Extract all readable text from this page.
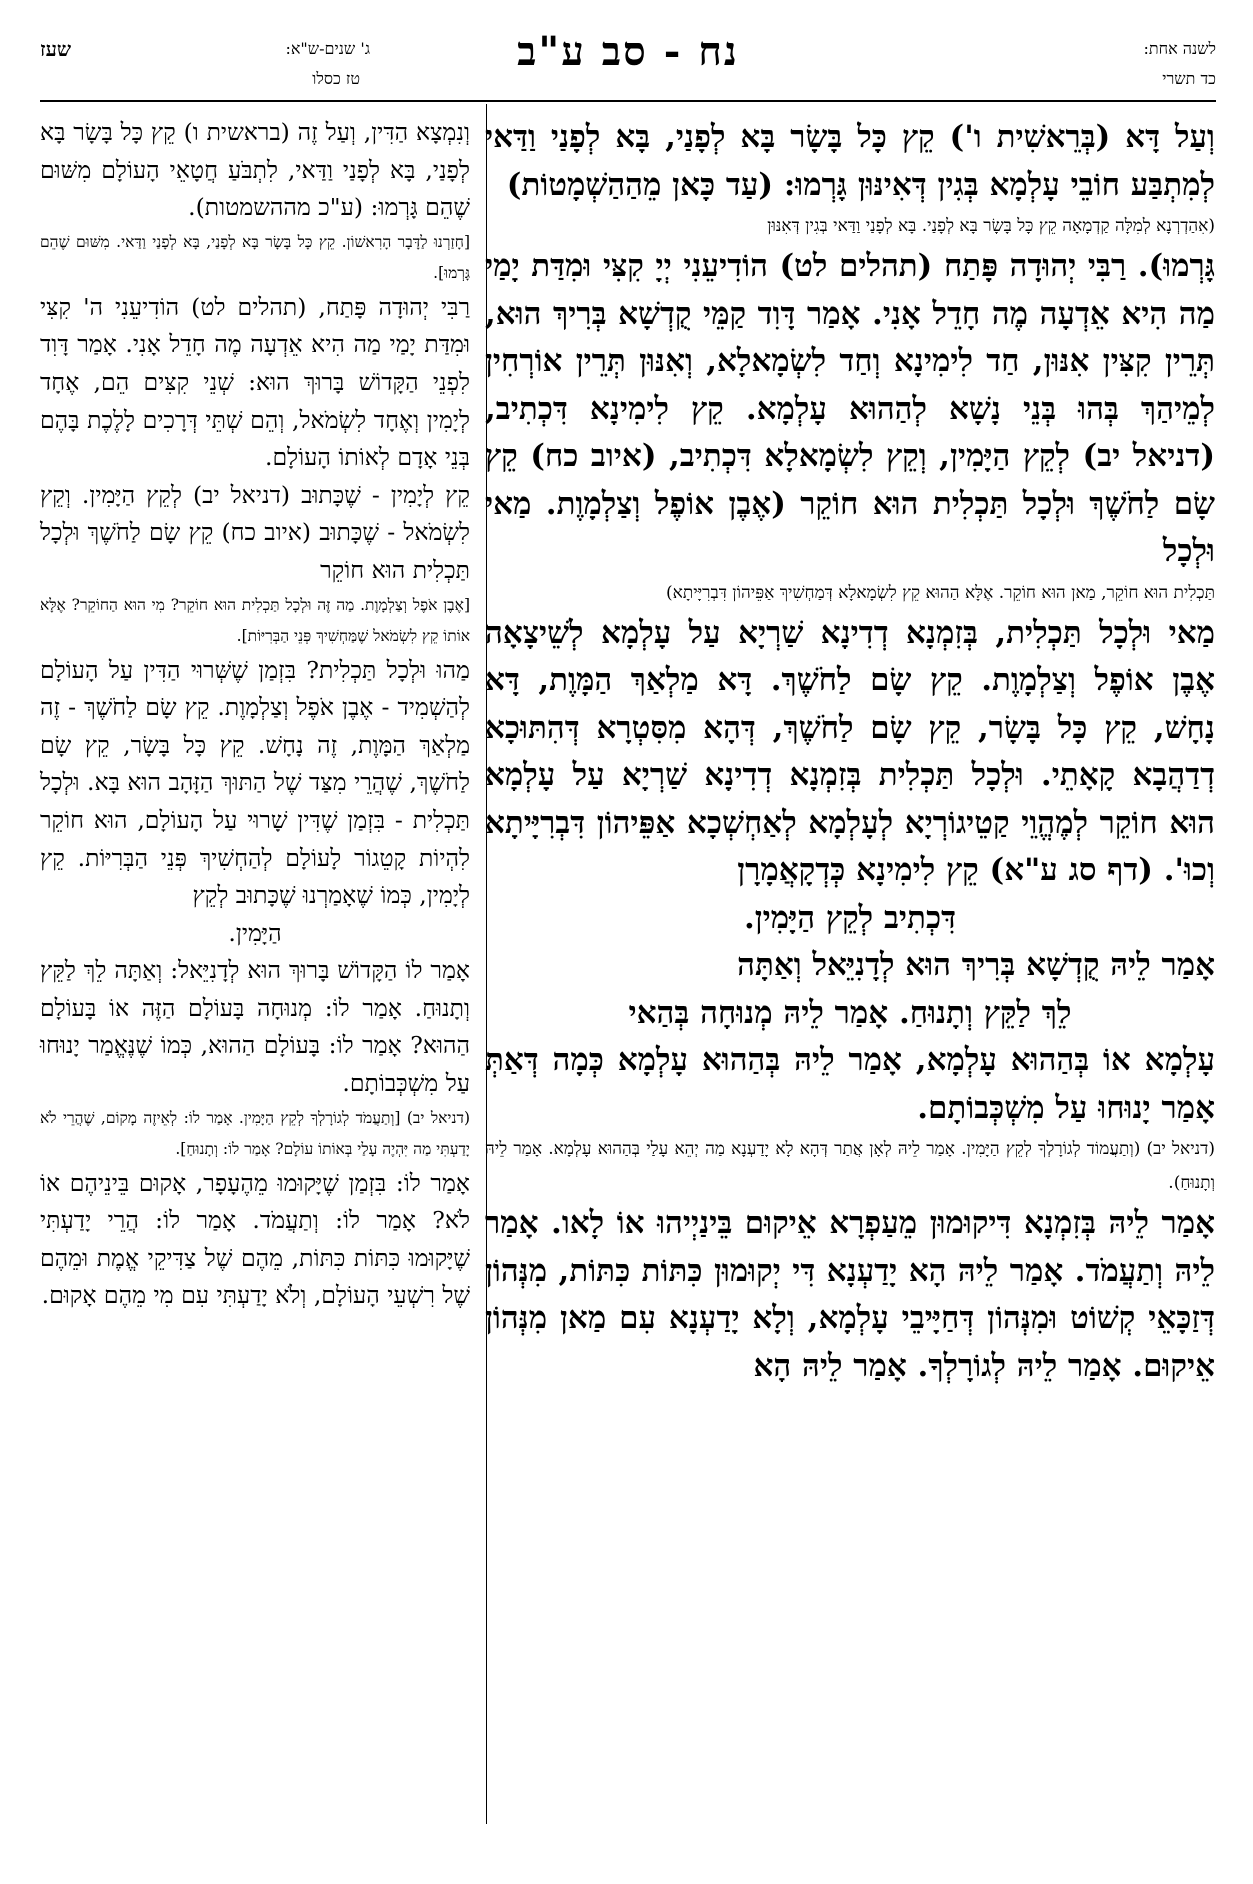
לשנה אחת:
כד תשרי
נח - סב ע"ב
ג' שנים-ש"א:
שעז
טז כסלו

וְעַל דָּא (בְּרֵאשִׁית ו') קֵץ כָּל בָּשָׂר בָּא לְפָנַי, בָּא לְפָנַי וַדַּאי לְמִתְבַּע חוֹבֵי עָלְמָא בְּגִין דְּאִינּוּן גָּרְמוּ: (עַד כָּאן מֵהַהַשְׁמָטוֹת)

(אִהַדְרְנָא לְמִלָּה קַדְמָאָה קֵץ כָּל בָּשָׂר בָּא לְפָנַי. בָּא לְפָנַי וַדַּאי בְּגִין דְּאִנּוּן

גָּרְמוּ). רַבִּי יְהוּדָה פָּתַח (תהלים לט) הוֹדִיעֵנִי יְיָ קִצִּי וּמִדַּת יָמַי מַה הִיא אֵדְעָה מֶה חָדֵל אָנִי. אָמַר דָּוִד קַמֵּי קֻדְשָׁא בְּרִיךְ הוּא, תְּרֵין קִצִּין אִנּוּן, חַד לִימִינָא וְחַד לִשְׂמָאלָא, וְאִנּוּן תְּרֵין אוֹרְחִין לְמֵיהַךְ בְּהוּ בְּנֵי נָשָׁא לְהַהוּא עָלְמָא. קֵץ לִימִינָא דִּכְתִיב, (דניאל יב) לְקֵץ הַיָּמִין, וְקֵץ לִשְׂמָאלָא דִּכְתִיב, (איוב כח) קֵץ שָׂם לַחֹשֶׁךְ וּלְכָל תַּכְלִית הוּא חוֹקֵר (אֶבֶן אוֹפֶל וְצַלְמָוֶת. מַאי וּלְכָל

תַּכְלִית הוּא חוֹקֵר, מַאן הוּא חוֹקֵר. אֶלָּא הַהוּא קֵץ לִשְׂמָאלָא דְּמַחְשִׁיךְ אַפֵּיהוֹן דִּבְרִיָּיתָא)

מַאי וּלְכָל תַּכְלִית, בְּזִמְנָא דְדִינָא שַׁרְיָא עַל עָלְמָא לְשֵׁיצָאָה אֶבֶן אוֹפֶל וְצַלְמָוֶת. קֵץ שָׂם לַחֹשֶׁךְ. דָּא מַלְאַךְ הַמָּוֶת, דָּא נָחָשׁ, קֵץ כָּל בָּשָׂר, קֵץ שָׂם לַחֹשֶׁךְ, דְּהָא מִסִּטְרָא דְּהִתּוּכָא דְדַהֲבָא קָאָתֵי. וּלְכָל תַּכְלִית בְּזִמְנָא דְדִינָא שַׁרְיָא עַל עָלְמָא הוּא חוֹקֵר לְמֶהֱוֵי קַטֵיגוֹרְיָא לְעָלְמָא לְאַחְשְׁכָא אַפֵּיהוֹן דִּבְרִיָּיתָא וְכוּ'. (דף סג ע"א) קֵץ לִימִינָא כְּדְקָאֲמָרָן

דִּכְתִיב לְקֵץ הַיָּמִין.

אָמַר לֵיהּ קֻדְשָׁא בְּרִיךְ הוּא לְדָנִיֵּאל וְאַתָּה

לֵךְ לַקֵּץ וְתָנוּחַ. אָמַר לֵיהּ מְנוּחָה בְּהַאי

עָלְמָא אוֹ בְּהַהוּא עָלְמָא, אָמַר לֵיהּ בְּהַהוּא עָלְמָא כְּמָה דְּאַתְּ אָמַר יָנוּחוּ עַל מִשְׁכְּבוֹתָם.

(דניאל יב) (וְתַעֲמוֹד לְגוֹרָלְךָ לְקֵץ הַיָּמִין. אָמַר לֵיהּ לְאָן אֲתַר דְּהָא לָא יָדַעְנָא מַה יְהֵא עָלַי בְּהַהוּא עָלְמָא. אָמַר לֵיהּ וְתָנוּחַ).

אָמַר לֵיהּ בְּזִמְנָא דִּיקוּמוּן מֵעַפְרָא אֵיקוּם בֵּינַיְיהוּ אוֹ לָאו. אָמַר לֵיהּ וְתַעֲמֹד. אָמַר לֵיהּ הָא יָדַעְנָא דִּי יְקוּמוּן כִּתּוֹת כִּתּוֹת, מִנְּהוֹן דְּזַכָּאֵי קְשׁוֹט וּמִנְּהוֹן דְּחַיָּיבֵי עָלְמָא, וְלָא יָדַעְנָא עִם מַאן מִנְּהוֹן אֵיקוּם. אָמַר לֵיהּ לְגוֹרָלְךָ. אָמַר לֵיהּ הָא

וְנִמְצָא הַדִּין, וְעַל זֶה (בראשית ו) קֵץ כָּל בָּשָׂר בָּא לְפָנַי, בָּא לְפָנַי וַדַּאי, לִתְבֹּעַ חֲטָאֵי הָעוֹלָם מִשּׁוּם שֶׁהֵם גָּרְמוּ: (ע"כ מההשמטות).

[חָזַרְנוּ לַדָּבָר הָרִאשׁוֹן. קֵץ כָּל בָּשָׂר בָּא לְפָנַי, בָּא לְפָנַי וַדַּאי. מִשּׁוּם שֶׁהֵם גָּרְמוּ].

רַבִּי יְהוּדָה פָּתַח, (תהלים לט) הוֹדִיעֵנִי ה' קִצִּי וּמִדַּת יָמַי מַה הִיא אֵדְעָה מֶה חָדֵל אָנִי. אָמַר דָּוִד לִפְנֵי הַקָּדוֹשׁ בָּרוּךְ הוּא: שְׁנֵי קִצִּים הֵם, אֶחָד לְיָמִין וְאֶחָד לִשְׂמֹאל, וְהֵם שְׁתֵּי דְּרָכִים לָלֶכֶת בָּהֶם בְּנֵי אָדָם לְאוֹתוֹ הָעוֹלָם.

קֵץ לְיָמִין - שֶׁכָּתוּב (דניאל יב) לְקֵץ הַיָּמִין. וְקֵץ לִשְׂמֹאל - שֶׁכָּתוּב (איוב כח) קֵץ שָׂם לַחֹשֶׁךְ וּלְכָל תַּכְלִית הוּא חוֹקֵר

[אֶבֶן אֹפֶל וְצַלְמָוֶת. מַה זֶּה וּלְכָל תַּכְלִית הוּא חוֹקֵר? מִי הוּא הַחוֹקֵר? אֶלָּא אוֹתוֹ קֵץ לִשְׂמֹאל שֶׁמַּחְשִׁיךְ פְּנֵי הַבְּרִיּוֹת].

מַהוּ וּלְכָל תַּכְלִית? בִּזְמַן שֶׁשְּׁרוּי הַדִּין עַל הָעוֹלָם לְהַשְׁמִיד - אֶבֶן אֹפֶל וְצַלְמָוֶת. קֵץ שָׂם לַחֹשֶׁךְ - זֶה מַלְאַךְ הַמָּוֶת, זֶה נָחָשׁ. קֵץ כָּל בָּשָׂר, קֵץ שָׂם לַחֹשֶׁךְ, שֶׁהֲרֵי מִצַּד שֶׁל הַתּוּךְ הַזָּהָב הוּא בָּא. וּלְכָל תַּכְלִית - בִּזְמַן שֶׁדִּין שָׁרוּי עַל הָעוֹלָם, הוּא חוֹקֵר לִהְיוֹת קָטֵגוֹר לָעוֹלָם לְהַחְשִׁיךְ פְּנֵי הַבְּרִיּוֹת. קֵץ לְיָמִין, כְּמוֹ שֶׁאָמַרְנוּ שֶׁכָּתוּב לְקֵץ

הַיָּמִין.

אָמַר לוֹ הַקָּדוֹשׁ בָּרוּךְ הוּא לְדָנִיֵּאל: וְאַתָּה לֵךְ לַקֵּץ וְתָנוּחַ. אָמַר לוֹ: מְנוּחָה בָּעוֹלָם הַזֶּה אוֹ בָּעוֹלָם הַהוּא? אָמַר לוֹ: בָּעוֹלָם הַהוּא, כְּמוֹ שֶׁנֶּאֱמַר יָנוּחוּ עַל מִשְׁכְּבוֹתָם.

(דניאל יב) [וְתַעֲמֹד לְגוֹרָלְךָ לְקֵץ הַיָּמִין. אָמַר לוֹ: לְאֵיזֶה מָקוֹם, שֶׁהֲרֵי לֹא יָדַעְתִּי מַה יִּהְיֶה עָלַי בְּאוֹתוֹ עוֹלָם? אָמַר לוֹ: וְתָנוּחַ].

אָמַר לוֹ: בִּזְמַן שֶׁיָּקוּמוּ מֵהֶעָפָר, אָקוּם בֵּינֵיהֶם אוֹ לֹא? אָמַר לוֹ: וְתַעֲמֹד. אָמַר לוֹ: הֲרֵי יָדַעְתִּי שֶׁיָּקוּמוּ כִּתּוֹת כִּתּוֹת, מֵהֶם שֶׁל צַדִּיקֵי אֱמֶת וּמֵהֶם שֶׁל רִשְׁעֵי הָעוֹלָם, וְלֹא יָדַעְתִּי עִם מִי מֵהֶם אָקוּם.
